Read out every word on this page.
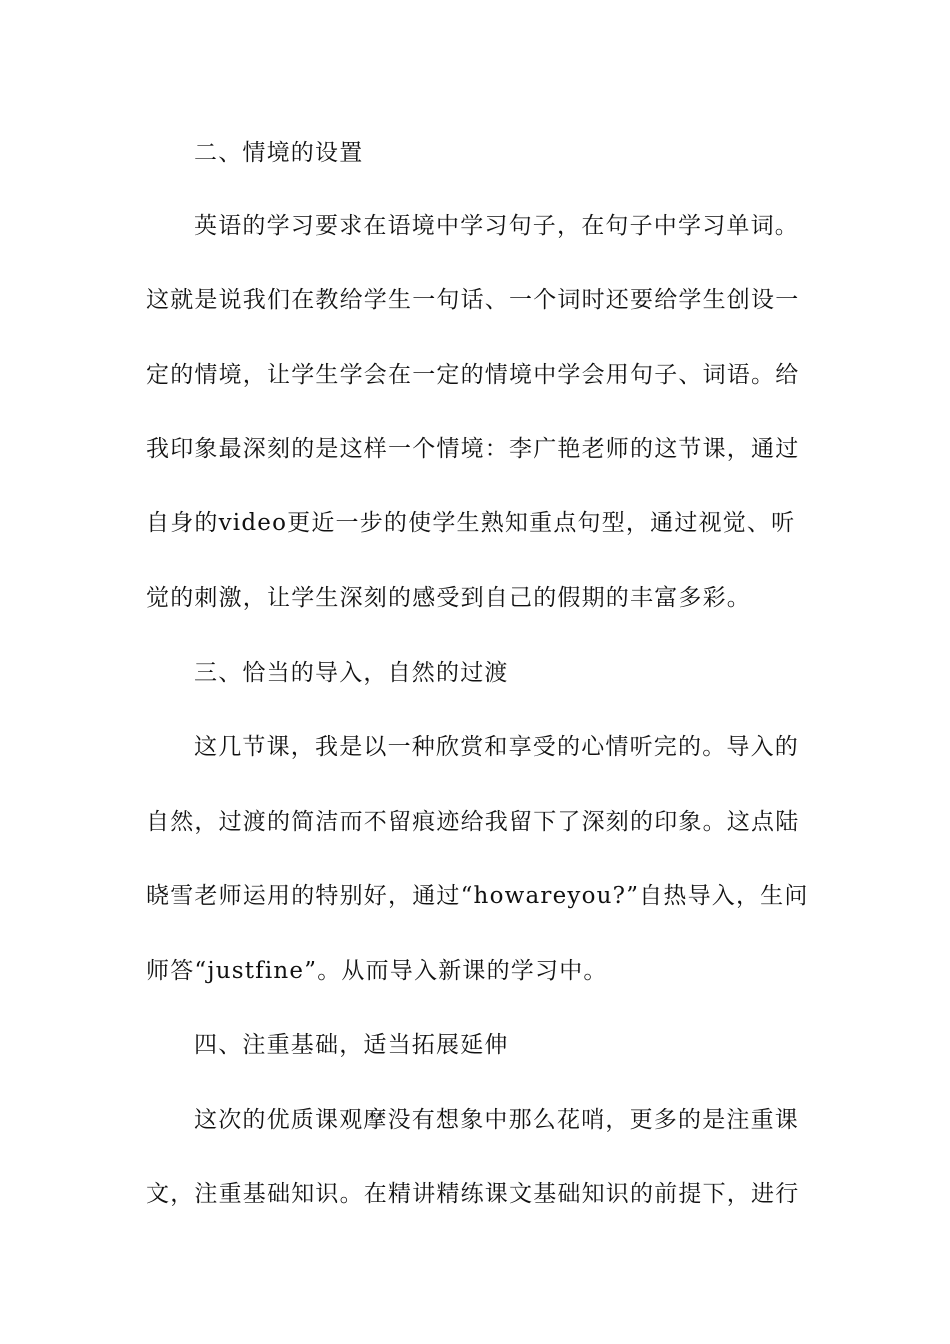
二、情境的设置
英语的学习要求在语境中学习句子，在句子中学习单词。
这就是说我们在教给学生一句话、一个词时还要给学生创设一
定的情境，让学生学会在一定的情境中学会用句子、词语。给
我印象最深刻的是这样一个情境：李广艳老师的这节课，通过
自身的video更近一步的使学生熟知重点句型，通过视觉、听
觉的刺激，让学生深刻的感受到自己的假期的丰富多彩。
三、恰当的导入，自然的过渡
这几节课，我是以一种欣赏和享受的心情听完的。导入的
自然，过渡的简洁而不留痕迹给我留下了深刻的印象。这点陆
晓雪老师运用的特别好，通过“howareyou?”自热导入，生问
师答“justfine”。从而导入新课的学习中。
四、注重基础，适当拓展延伸
这次的优质课观摩没有想象中那么花哨，更多的是注重课
文，注重基础知识。在精讲精练课文基础知识的前提下，进行
